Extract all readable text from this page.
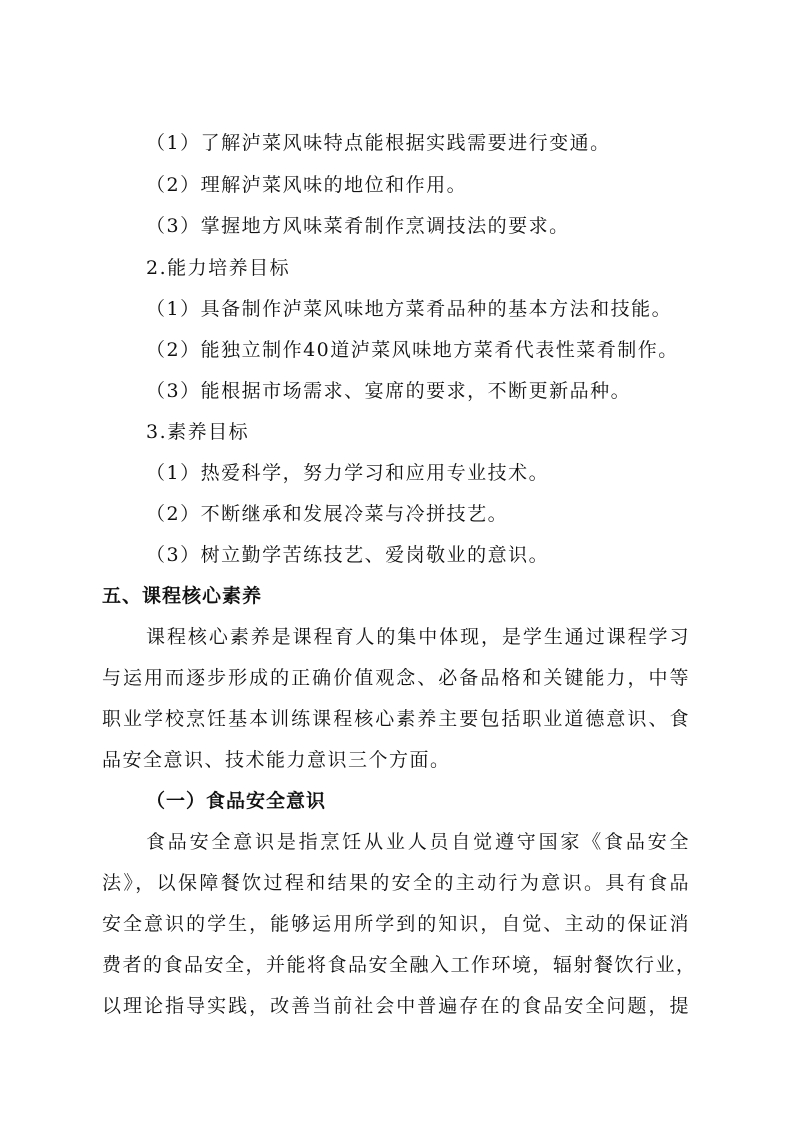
（1）了解泸菜风味特点能根据实践需要进行变通。
（2）理解泸菜风味的地位和作用。
（3）掌握地方风味菜肴制作烹调技法的要求。
2.能力培养目标
（1）具备制作泸菜风味地方菜肴品种的基本方法和技能。
（2）能独立制作40道泸菜风味地方菜肴代表性菜肴制作。
（3）能根据市场需求、宴席的要求，不断更新品种。
3.素养目标
（1）热爱科学，努力学习和应用专业技术。
（2）不断继承和发展冷菜与冷拼技艺。
（3）树立勤学苦练技艺、爱岗敬业的意识。
五、课程核心素养
课程核心素养是课程育人的集中体现，是学生通过课程学习
与运用而逐步形成的正确价值观念、必备品格和关键能力，中等
职业学校烹饪基本训练课程核心素养主要包括职业道德意识、食
品安全意识、技术能力意识三个方面。
（一）食品安全意识
食品安全意识是指烹饪从业人员自觉遵守国家《食品安全
法》，以保障餐饮过程和结果的安全的主动行为意识。具有食品
安全意识的学生，能够运用所学到的知识，自觉、主动的保证消
费者的食品安全，并能将食品安全融入工作环境，辐射餐饮行业，
以理论指导实践，改善当前社会中普遍存在的食品安全问题，提
